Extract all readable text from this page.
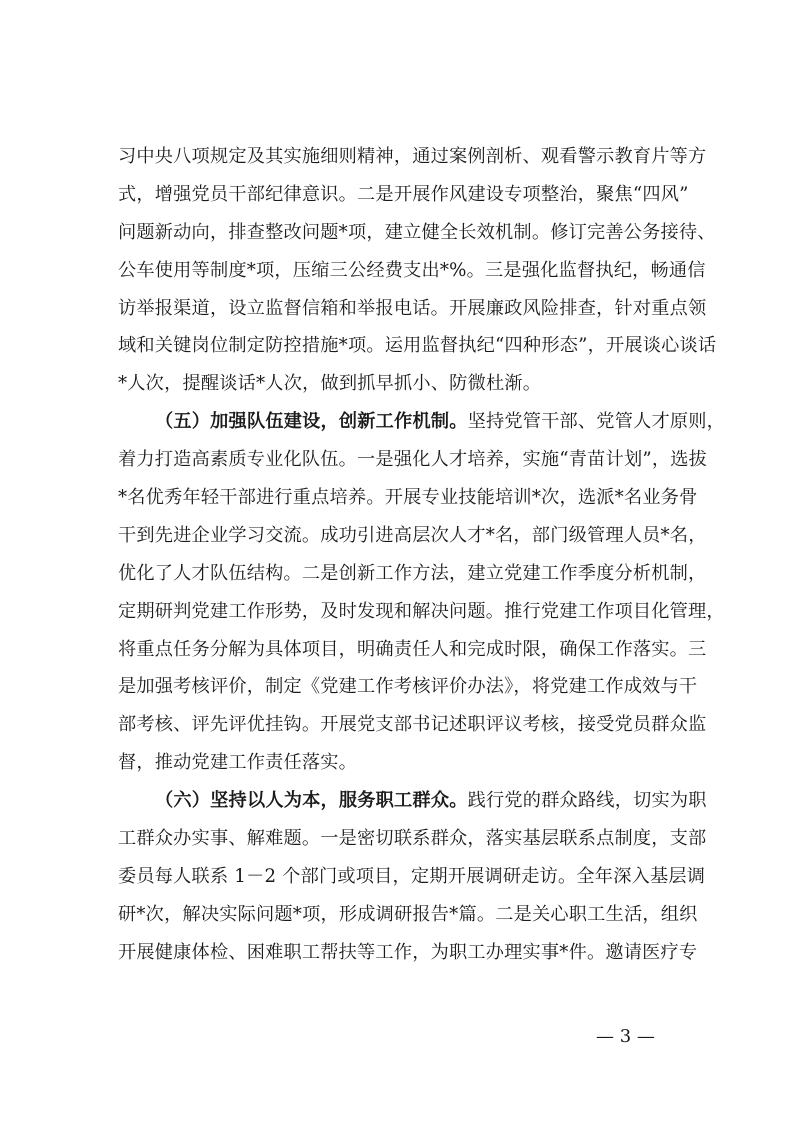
习中央八项规定及其实施细则精神，通过案例剖析、观看警示教育片等方
式，增强党员干部纪律意识。二是开展作风建设专项整治，聚焦“四风”
问题新动向，排查整改问题*项，建立健全长效机制。修订完善公务接待、
公车使用等制度*项，压缩三公经费支出*%。三是强化监督执纪，畅通信
访举报渠道，设立监督信箱和举报电话。开展廉政风险排查，针对重点领
域和关键岗位制定防控措施*项。运用监督执纪“四种形态”，开展谈心谈话
*人次，提醒谈话*人次，做到抓早抓小、防微杜渐。
（五）加强队伍建设，创新工作机制。坚持党管干部、党管人才原则，
着力打造高素质专业化队伍。一是强化人才培养，实施“青苗计划”，选拔
*名优秀年轻干部进行重点培养。开展专业技能培训*次，选派*名业务骨
干到先进企业学习交流。成功引进高层次人才*名，部门级管理人员*名，
优化了人才队伍结构。二是创新工作方法，建立党建工作季度分析机制，
定期研判党建工作形势，及时发现和解决问题。推行党建工作项目化管理，
将重点任务分解为具体项目，明确责任人和完成时限，确保工作落实。三
是加强考核评价，制定《党建工作考核评价办法》，将党建工作成效与干
部考核、评先评优挂钩。开展党支部书记述职评议考核，接受党员群众监
督，推动党建工作责任落实。
（六）坚持以人为本，服务职工群众。践行党的群众路线，切实为职
工群众办实事、解难题。一是密切联系群众，落实基层联系点制度，支部
委员每人联系 1－2 个部门或项目，定期开展调研走访。全年深入基层调
研*次，解决实际问题*项，形成调研报告*篇。二是关心职工生活，组织
开展健康体检、困难职工帮扶等工作，为职工办理实事*件。邀请医疗专
— 3 —
